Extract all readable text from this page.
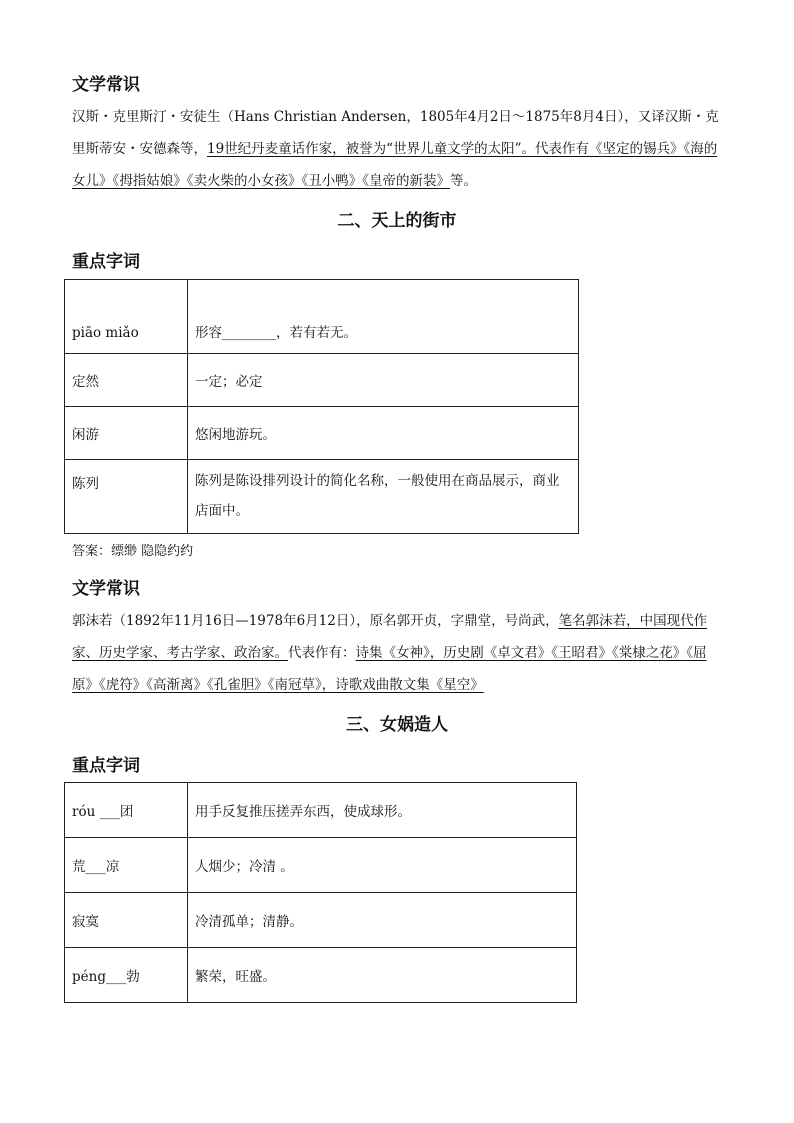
文学常识
汉斯・克里斯汀・安徒生（Hans Christian Andersen，1805年4月2日～1875年8月4日），又译汉斯・克里斯蒂安・安德森等，19世纪丹麦童话作家，被誉为“世界儿童文学的太阳”。代表作有《坚定的锡兵》《海的女儿》《拇指姑娘》《卖火柴的小女孩》《丑小鸭》《皇帝的新装》等。
二、天上的街市
重点字词
piāo miǎo	形容________，若有若无。
定然	一定；必定
闲游	悠闲地游玩。
陈列	陈列是陈设排列设计的简化名称，一般使用在商品展示，商业店面中。
答案：缥缈 隐隐约约
文学常识
郭沫若（1892年11月16日—1978年6月12日），原名郭开贞，字鼎堂，号尚武，笔名郭沫若，中国现代作家、历史学家、考古学家、政治家。代表作有：诗集《女神》，历史剧《卓文君》《王昭君》《棠棣之花》《屈原》《虎符》《高渐离》《孔雀胆》《南冠草》，诗歌戏曲散文集《星空》
三、女娲造人
重点字词
róu ___团	用手反复推压搓弄东西，使成球形。
荒___凉	人烟少；冷清 。
寂寞	冷清孤单；清静。
péng___勃	繁荣，旺盛。
